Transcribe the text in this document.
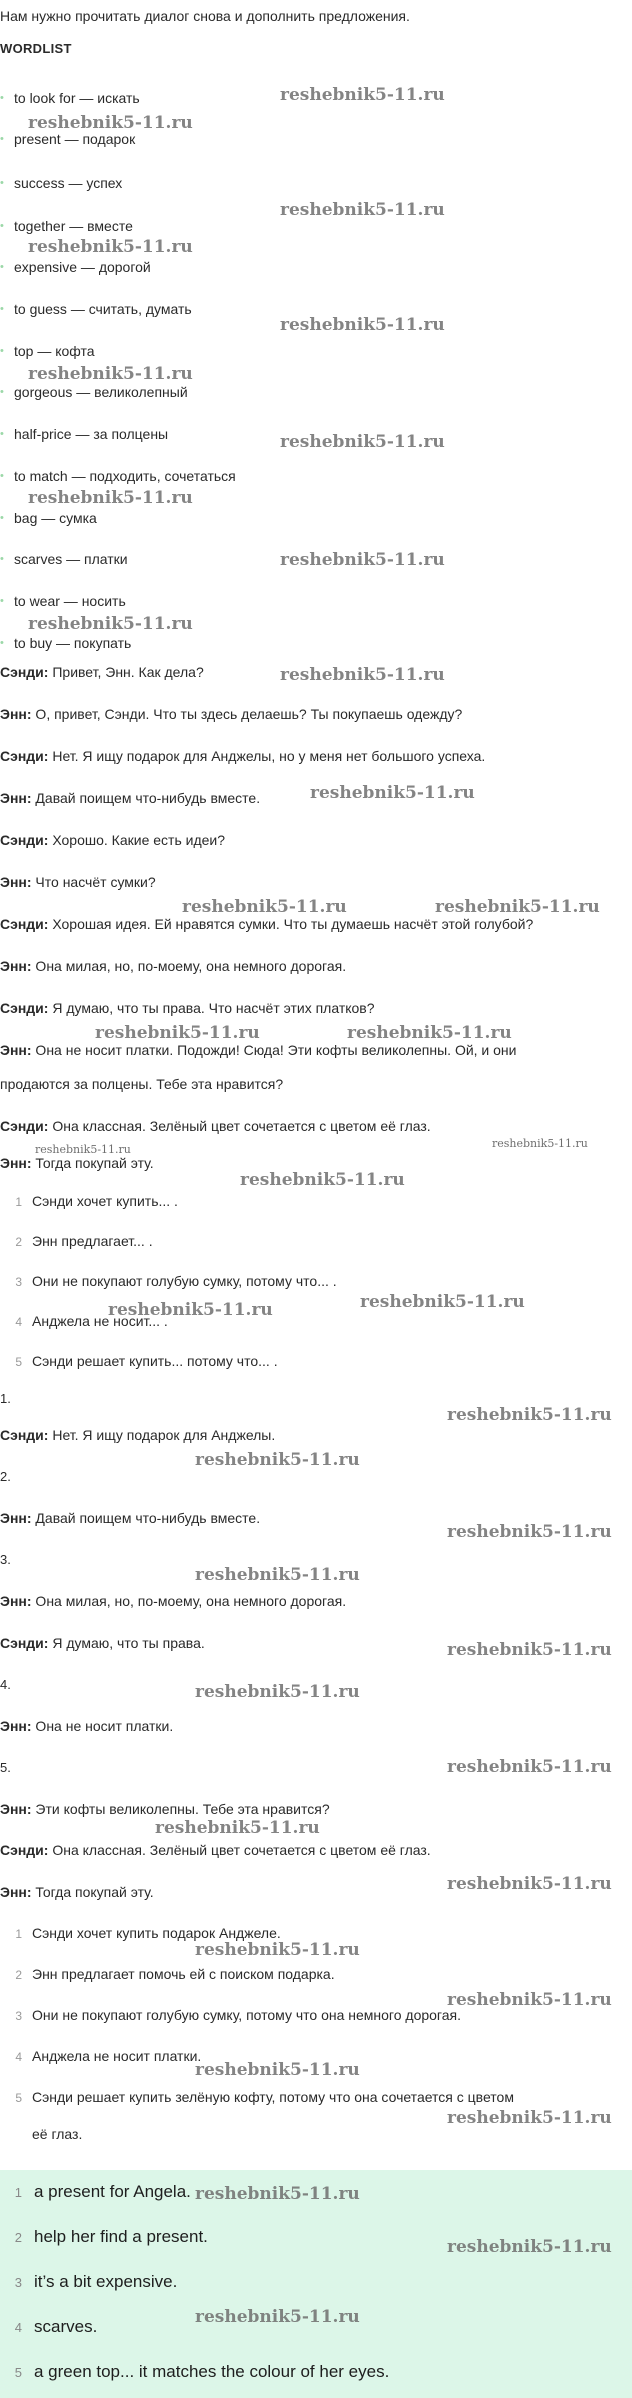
Нам нужно прочитать диалог снова и дополнить предложения.
WORDLIST
• to look for — искать
• present — подарок
• success — успех
• together — вместе
• expensive — дорогой
• to guess — считать, думать
• top — кофта
• gorgeous — великолепный
• half-price — за полцены
• to match — подходить, сочетаться
• bag — сумка
• scarves — платки
• to wear — носить
• to buy — покупать
Сэнди: Привет, Энн. Как дела?
Энн: О, привет, Сэнди. Что ты здесь делаешь? Ты покупаешь одежду?
Сэнди: Нет. Я ищу подарок для Анджелы, но у меня нет большого успеха.
Энн: Давай поищем что-нибудь вместе.
Сэнди: Хорошо. Какие есть идеи?
Энн: Что насчёт сумки?
Сэнди: Хорошая идея. Ей нравятся сумки. Что ты думаешь насчёт этой голубой?
Энн: Она милая, но, по-моему, она немного дорогая.
Сэнди: Я думаю, что ты права. Что насчёт этих платков?
Энн: Она не носит платки. Подожди! Сюда! Эти кофты великолепны. Ой, и они
продаются за полцены. Тебе эта нравится?
Сэнди: Она классная. Зелёный цвет сочетается с цветом её глаз.
Энн: Тогда покупай эту.
1 Сэнди хочет купить... .
2 Энн предлагает... .
3 Они не покупают голубую сумку, потому что... .
4 Анджела не носит... .
5 Сэнди решает купить... потому что... .
1.
Сэнди: Нет. Я ищу подарок для Анджелы.
2.
Энн: Давай поищем что-нибудь вместе.
3.
Энн: Она милая, но, по-моему, она немного дорогая.
Сэнди: Я думаю, что ты права.
4.
Энн: Она не носит платки.
5.
Энн: Эти кофты великолепны. Тебе эта нравится?
Сэнди: Она классная. Зелёный цвет сочетается с цветом её глаз.
Энн: Тогда покупай эту.
1 Сэнди хочет купить подарок Анджеле.
2 Энн предлагает помочь ей с поиском подарка.
3 Они не покупают голубую сумку, потому что она немного дорогая.
4 Анджела не носит платки.
5 Сэнди решает купить зелёную кофту, потому что она сочетается с цветом
её глаз.
1 a present for Angela.
2 help her find a present.
3 it’s a bit expensive.
4 scarves.
5 a green top... it matches the colour of her eyes.
reshebnik5-11.ru
reshebnik5-11.ru
reshebnik5-11.ru
reshebnik5-11.ru
reshebnik5-11.ru
reshebnik5-11.ru
reshebnik5-11.ru
reshebnik5-11.ru
reshebnik5-11.ru
reshebnik5-11.ru
reshebnik5-11.ru
reshebnik5-11.ru
reshebnik5-11.ru	reshebnik5-11.ru
reshebnik5-11.ru	reshebnik5-11.ru
reshebnik5-11.ru	reshebnik5-11.ru
reshebnik5-11.ru
reshebnik5-11.ru	reshebnik5-11.ru
reshebnik5-11.ru
reshebnik5-11.ru
reshebnik5-11.ru
reshebnik5-11.ru
reshebnik5-11.ru
reshebnik5-11.ru
reshebnik5-11.ru
reshebnik5-11.ru
reshebnik5-11.ru
reshebnik5-11.ru
reshebnik5-11.ru
reshebnik5-11.ru
reshebnik5-11.ru
reshebnik5-11.ru
reshebnik5-11.ru
reshebnik5-11.ru
